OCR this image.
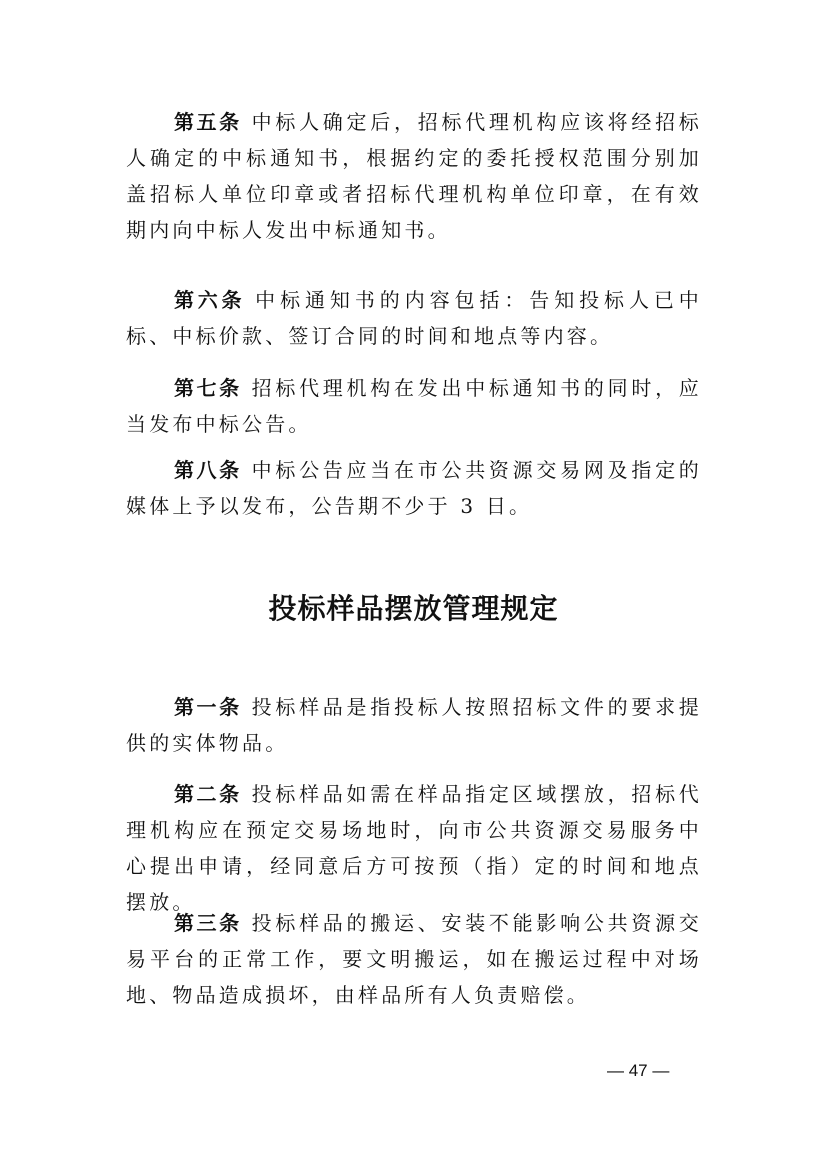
第五条 中标人确定后，招标代理机构应该将经招标人确定的中标通知书，根据约定的委托授权范围分别加盖招标人单位印章或者招标代理机构单位印章，在有效期内向中标人发出中标通知书。

第六条 中标通知书的内容包括：告知投标人已中标、中标价款、签订合同的时间和地点等内容。

第七条 招标代理机构在发出中标通知书的同时，应当发布中标公告。

第八条 中标公告应当在市公共资源交易网及指定的媒体上予以发布，公告期不少于 3 日。

投标样品摆放管理规定

第一条 投标样品是指投标人按照招标文件的要求提供的实体物品。

第二条 投标样品如需在样品指定区域摆放，招标代理机构应在预定交易场地时，向市公共资源交易服务中心提出申请，经同意后方可按预（指）定的时间和地点摆放。

第三条 投标样品的搬运、安装不能影响公共资源交易平台的正常工作，要文明搬运，如在搬运过程中对场地、物品造成损坏，由样品所有人负责赔偿。

— 47 —
